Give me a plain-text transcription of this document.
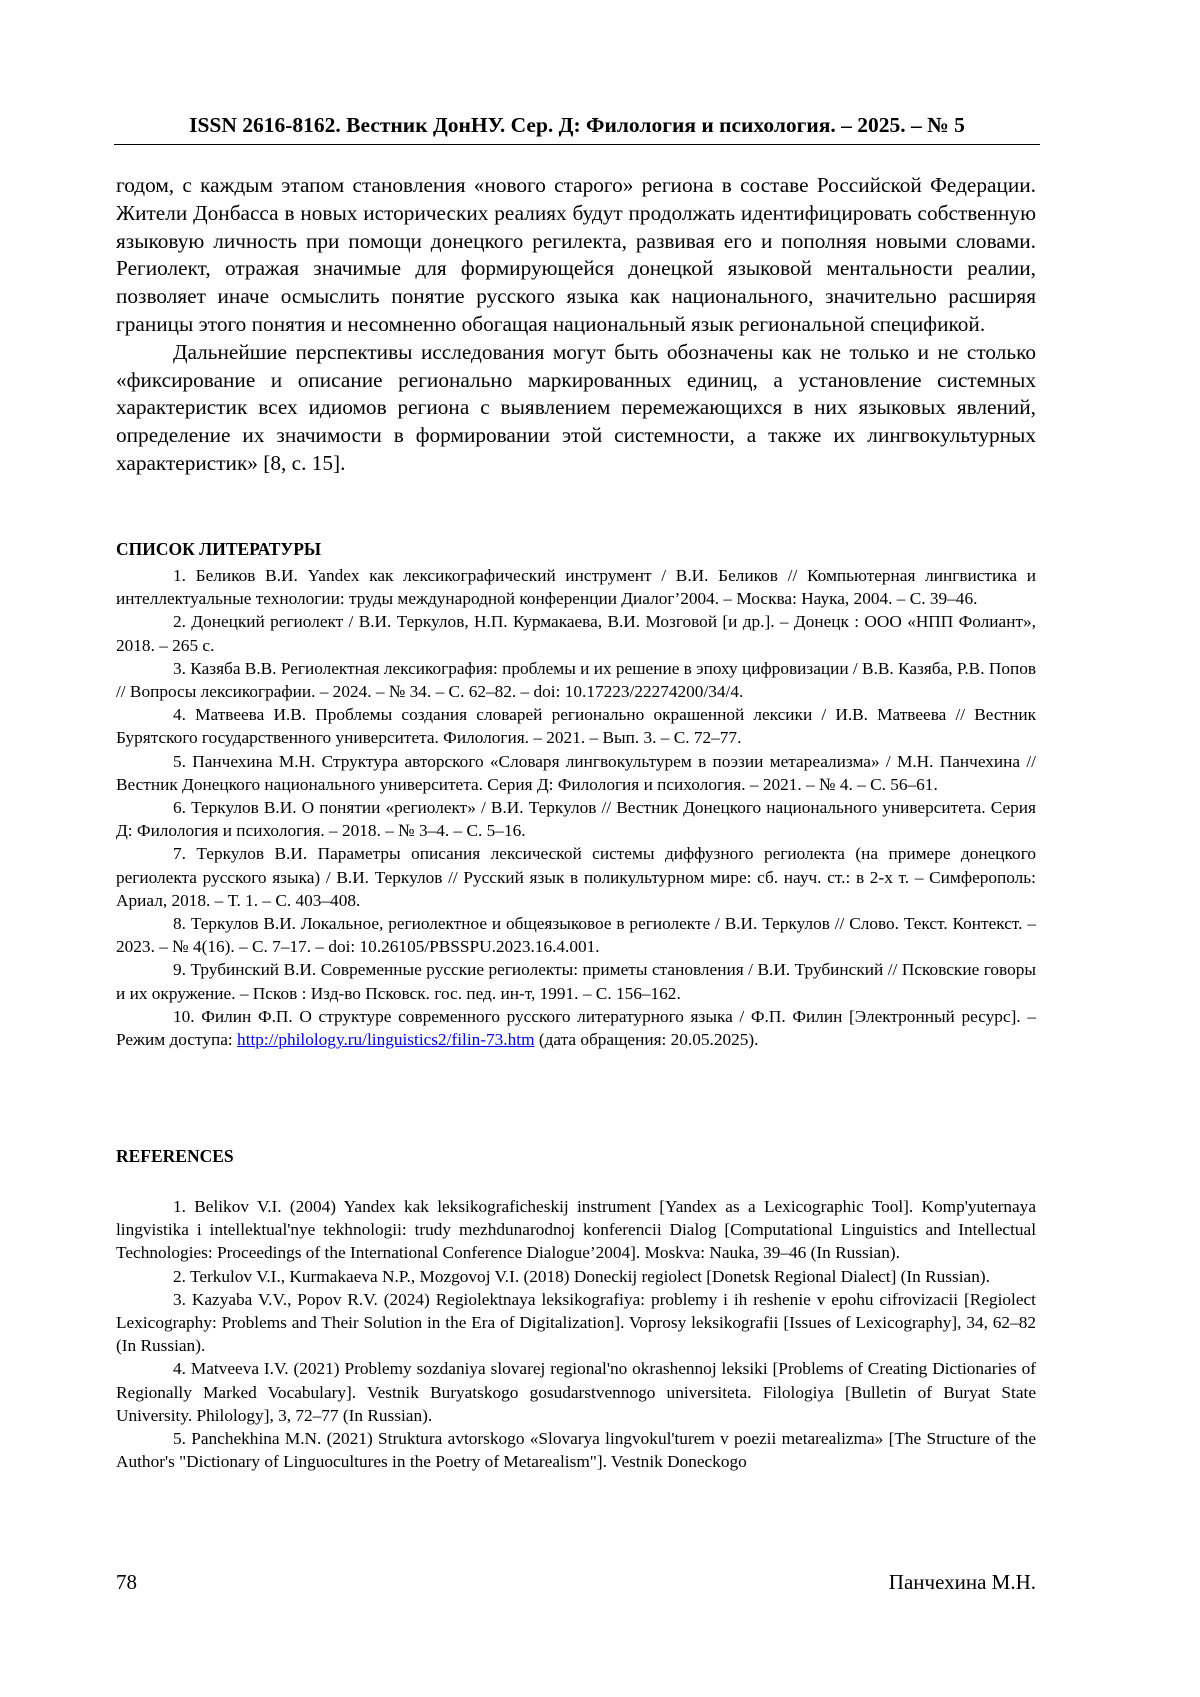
ISSN 2616-8162. Вестник ДонНУ. Сер. Д: Филология и психология. – 2025. – № 5

годом, с каждым этапом становления «нового старого» региона в составе Российской Федерации. Жители Донбасса в новых исторических реалиях будут продолжать идентифицировать собственную языковую личность при помощи донецкого регилекта, развивая его и пополняя новыми словами. Региолект, отражая значимые для формирующейся донецкой языковой ментальности реалии, позволяет иначе осмыслить понятие русского языка как национального, значительно расширяя границы этого понятия и несомненно обогащая национальный язык региональной спецификой.

Дальнейшие перспективы исследования могут быть обозначены как не только и не столько «фиксирование и описание регионально маркированных единиц, а установление системных характеристик всех идиомов региона с выявлением перемежающихся в них языковых явлений, определение их значимости в формировании этой системности, а также их лингвокультурных характеристик» [8, с. 15].

СПИСОК ЛИТЕРАТУРЫ

1. Беликов В.И. Yandex как лексикографический инструмент / В.И. Беликов // Компьютерная лингвистика и интеллектуальные технологии: труды международной конференции Диалог’2004. – Москва: Наука, 2004. – С. 39–46.

2. Донецкий региолект / В.И. Теркулов, Н.П. Курмакаева, В.И. Мозговой [и др.]. – Донецк : ООО «НПП Фолиант», 2018. – 265 с.

3. Казяба В.В. Региолектная лексикография: проблемы и их решение в эпоху цифровизации / В.В. Казяба, Р.В. Попов // Вопросы лексикографии. – 2024. – № 34. – С. 62–82. – doi: 10.17223/22274200/34/4.

4. Матвеева И.В. Проблемы создания словарей регионально окрашенной лексики / И.В. Матвеева // Вестник Бурятского государственного университета. Филология. – 2021. – Вып. 3. – С. 72–77.

5. Панчехина М.Н. Структура авторского «Словаря лингвокультурем в поэзии метареализма» / М.Н. Панчехина // Вестник Донецкого национального университета. Серия Д: Филология и психология. – 2021. – № 4. – С. 56–61.

6. Теркулов В.И. О понятии «региолект» / В.И. Теркулов // Вестник Донецкого национального университета. Серия Д: Филология и психология. – 2018. – № 3–4. – С. 5–16.

7. Теркулов В.И. Параметры описания лексической системы диффузного региолекта (на примере донецкого региолекта русского языка) / В.И. Теркулов // Русский язык в поликультурном мире: сб. науч. ст.: в 2-х т. – Симферополь: Ариал, 2018. – Т. 1. – С. 403–408.

8. Теркулов В.И. Локальное, региолектное и общеязыковое в региолекте / В.И. Теркулов // Слово. Текст. Контекст. – 2023. – № 4(16). – С. 7–17. – doi: 10.26105/PBSSPU.2023.16.4.001.

9. Трубинский В.И. Современные русские региолекты: приметы становления / В.И. Трубинский // Псковские говоры и их окружение. – Псков : Изд-во Псковск. гос. пед. ин-т, 1991. – С. 156–162.

10. Филин Ф.П. О структуре современного русского литературного языка / Ф.П. Филин [Электронный ресурс]. – Режим доступа: http://philology.ru/linguistics2/filin-73.htm (дата обращения: 20.05.2025).

REFERENCES

1. Belikov V.I. (2004) Yandex kak leksikograficheskij instrument [Yandex as a Lexicographic Tool]. Komp'yuternaya lingvistika i intellektual'nye tekhnologii: trudy mezhdunarodnoj konferencii Dialog [Computational Linguistics and Intellectual Technologies: Proceedings of the International Conference Dialogue’2004]. Moskva: Nauka, 39–46 (In Russian).

2. Terkulov V.I., Kurmakaeva N.P., Mozgovoj V.I. (2018) Doneckij regiolect [Donetsk Regional Dialect] (In Russian).

3. Kazyaba V.V., Popov R.V. (2024) Regiolektnaya leksikografiya: problemy i ih reshenie v epohu cifrovizacii [Regiolect Lexicography: Problems and Their Solution in the Era of Digitalization]. Voprosy leksikografii [Issues of Lexicography], 34, 62–82 (In Russian).

4. Matveeva I.V. (2021) Problemy sozdaniya slovarej regional'no okrashennoj leksiki [Problems of Creating Dictionaries of Regionally Marked Vocabulary]. Vestnik Buryatskogo gosudarstvennogo universiteta. Filologiya [Bulletin of Buryat State University. Philology], 3, 72–77 (In Russian).

5. Panchekhina M.N. (2021) Struktura avtorskogo «Slovarya lingvokul'turem v poezii metarealizma» [The Structure of the Author's "Dictionary of Linguocultures in the Poetry of Metarealism"]. Vestnik Doneckogo

78	Панчехина М.Н.
